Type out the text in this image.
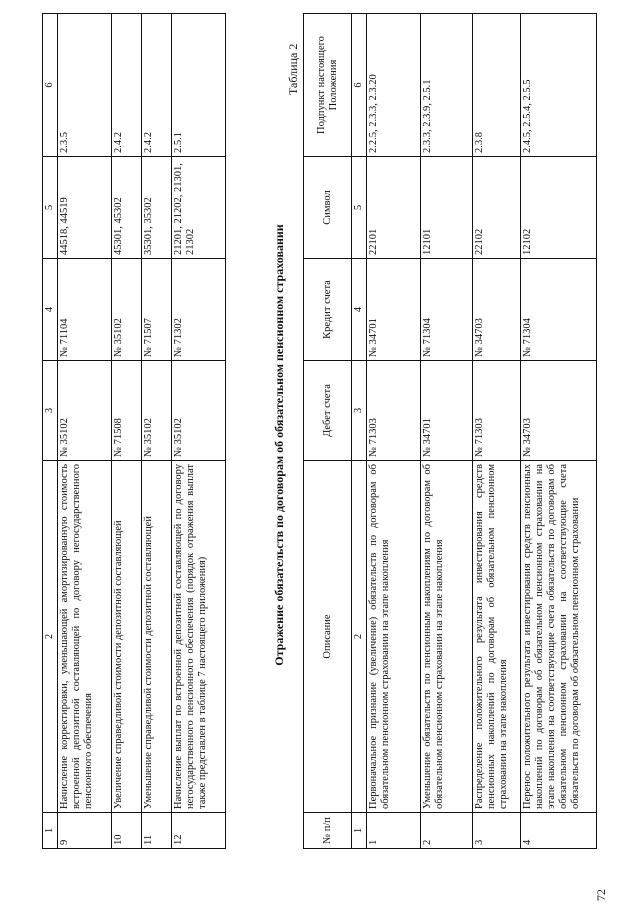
72
1	2	3	4	5	6
9	Начисление корректировки, уменьшающей амортизированную стоимость встроенной депозитной составляющей по договору негосударственного пенсионного обеспечения	№ 35102	№ 71104	44518, 44519	2.3.5
10	Увеличение справедливой стоимости депозитной составляющей	№ 71508	№ 35102	45301, 45302	2.4.2
11	Уменьшение справедливой стоимости депозитной составляющей	№ 35102	№ 71507	35301, 35302	2.4.2
12	Начисление выплат по встроенной депозитной составляющей по договору негосударственного пенсионного обеспечения (порядок отражения выплат также представлен в таблице 7 настоящего приложения)	№ 35102	№ 71302	21201, 21202, 21301, 21302	2.5.1
Отражение обязательств по договорам об обязательном пенсионном страховании
Таблица 2
№ п/п	Описание	Дебет счета	Кредит счета	Символ	Подпункт настоящего Положения
1	2	3	4	5	6
1	Первоначальное признание (увеличение) обязательств по договорам об обязательном пенсионном страховании на этапе накопления	№ 71303	№ 34701	22101	2.2.5, 2.3.3, 2.3.20
2	Уменьшение обязательств по пенсионным накоплениям по договорам об обязательном пенсионном страховании на этапе накопления	№ 34701	№ 71304	12101	2.3.3, 2.3.9, 2.5.1
3	Распределение положительного результата инвестирования средств пенсионных накоплений по договорам об обязательном пенсионном страховании на этапе накопления	№ 71303	№ 34703	22102	2.3.8
4	Перенос положительного результата инвестирования средств пенсионных накоплений по договорам об обязательном пенсионном страховании на этапе накопления на соответствующие счета обязательств по договорам об обязательном пенсионном страховании на соответствующие счета обязательств по договорам об обязательном пенсионном страховании	№ 34703	№ 71304	12102	2.4.5, 2.5.4, 2.5.5
